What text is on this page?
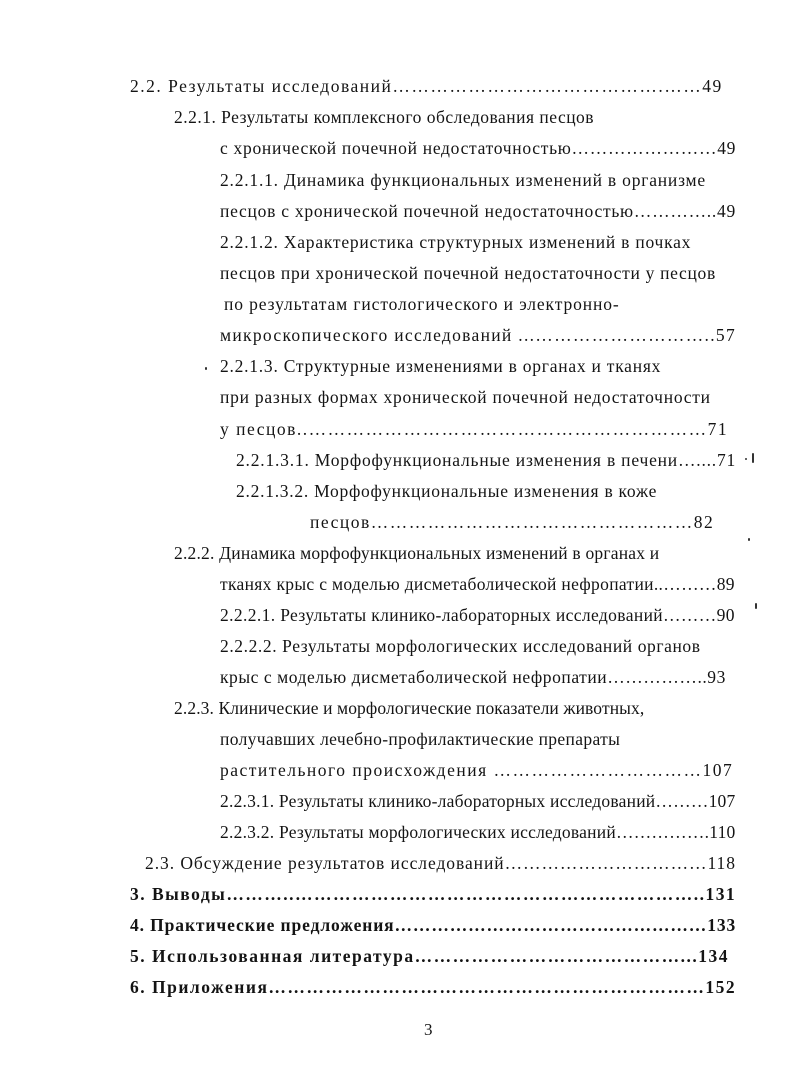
2.2. Результаты исследований…………………………………….……49
2.2.1. Результаты комплексного обследования песцов
с хронической почечной недостаточностью……………………49
2.2.1.1. Динамика функциональных изменений в организме
песцов с хронической почечной недостаточностью…………..49
2.2.1.2. Характеристика структурных изменений в почках
песцов при хронической почечной недостаточности у песцов
по результатам гистологического и электронно-
микроскопического исследований ...………………………..57
2.2.1.3. Структурные изменениями в органах и тканях
при разных формах хронической почечной недостаточности
у песцов..………………………………………………………71
2.2.1.3.1. Морфофункциональные изменения в печени…....71
2.2.1.3.2. Морфофункциональные изменения в коже
песцов……………………………………………82
2.2.2. Динамика морфофункциональных изменений в органах и
тканях крыс с моделью дисметаболической нефропатии..………89
2.2.2.1. Результаты клинико-лабораторных исследований………90
2.2.2.2. Результаты морфологических исследований органов
крыс с моделью дисметаболической нефропатии……………..93
2.2.3. Клинические и морфологические показатели животных,
получавших лечебно-профилактические препараты
растительного происхождения ……………………………107
2.2.3.1. Результаты клинико-лабораторных исследований………107
2.2.3.2. Результаты морфологических исследований…………….110
2.3. Обсуждение результатов исследований……………………………118
3. Выводы………..………………………………………………………..131
4. Практические предложения……………………………………………133
5. Использованная литература……………………………………...134
6. Приложения……………………………………………………………152
3
